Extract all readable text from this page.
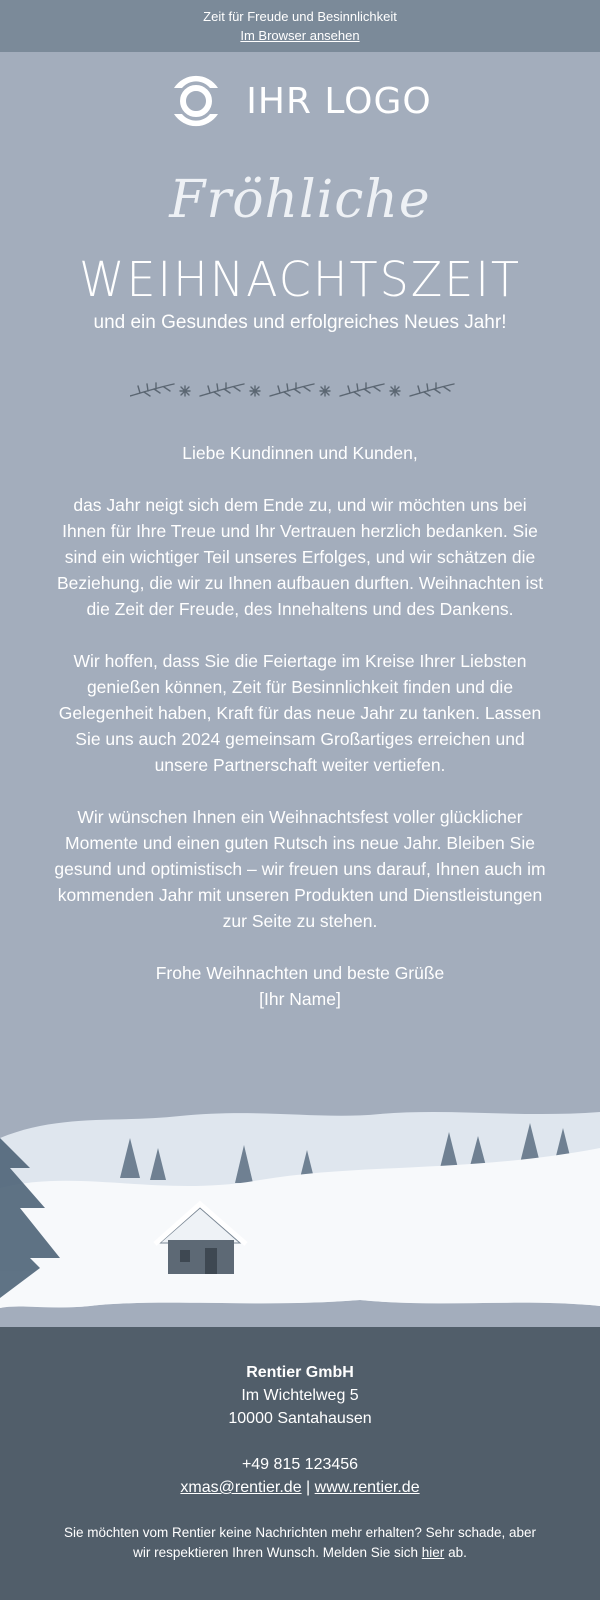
Zeit für Freude und Besinnlichkeit
Im Browser ansehen
IHR LOGO
Fröhliche
WEIHNACHTSZEIT
und ein Gesundes und erfolgreiches Neues Jahr!

Liebe Kundinnen und Kunden,

das Jahr neigt sich dem Ende zu, und wir möchten uns bei Ihnen für Ihre Treue und Ihr Vertrauen herzlich bedanken. Sie sind ein wichtiger Teil unseres Erfolges, und wir schätzen die Beziehung, die wir zu Ihnen aufbauen durften. Weihnachten ist die Zeit der Freude, des Innehaltens und des Dankens.

Wir hoffen, dass Sie die Feiertage im Kreise Ihrer Liebsten genießen können, Zeit für Besinnlichkeit finden und die Gelegenheit haben, Kraft für das neue Jahr zu tanken. Lassen Sie uns auch 2024 gemeinsam Großartiges erreichen und unsere Partnerschaft weiter vertiefen.

Wir wünschen Ihnen ein Weihnachtsfest voller glücklicher Momente und einen guten Rutsch ins neue Jahr. Bleiben Sie gesund und optimistisch – wir freuen uns darauf, Ihnen auch im kommenden Jahr mit unseren Produkten und Dienstleistungen zur Seite zu stehen.

Frohe Weihnachten und beste Grüße

[Ihr Name]

Rentier GmbH
Im Wichtelweg 5
10000 Santahausen
+49 815 123456
xmas@rentier.de | www.rentier.de
Sie möchten vom Rentier keine Nachrichten mehr erhalten? Sehr schade, aber wir respektieren Ihren Wunsch. Melden Sie sich hier ab.
